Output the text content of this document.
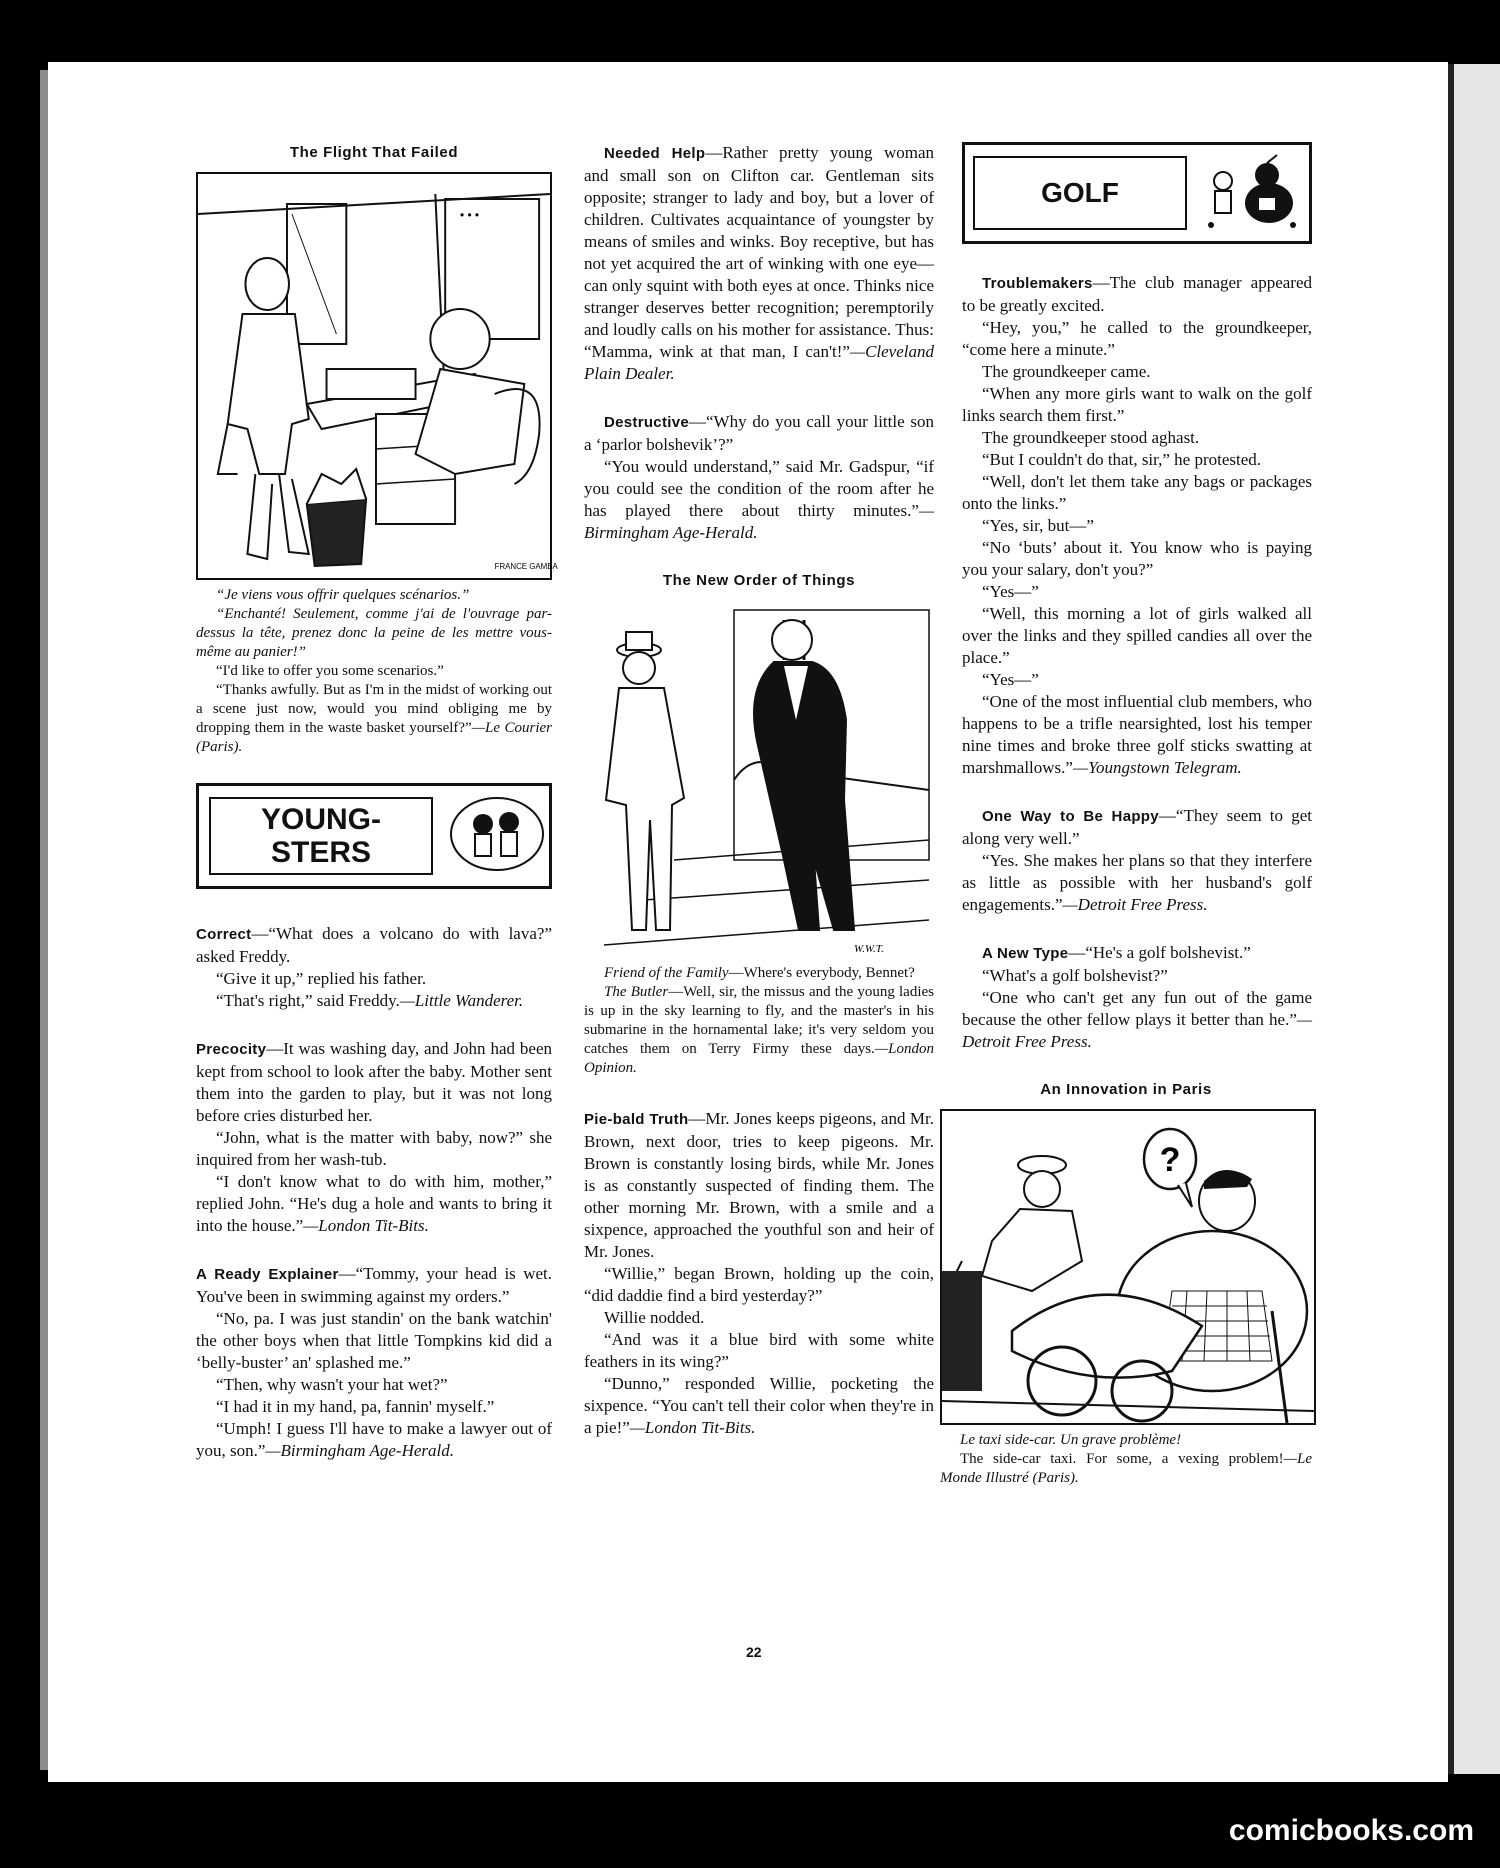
The Flight That Failed
• • •
FRANCE GAMBA

“Je viens vous offrir quelques scénarios.”

“Enchanté! Seulement, comme j'ai de l'ouvrage par-dessus la tête, prenez donc la peine de les mettre vous-même au panier!”

“I'd like to offer you some scenarios.”

“Thanks awfully. But as I'm in the midst of working out a scene just now, would you mind obliging me by dropping them in the waste basket yourself?”—Le Courier (Paris).

YOUNG-
STERS

Correct—“What does a volcano do with lava?” asked Freddy.

“Give it up,” replied his father.

“That's right,” said Freddy.—Little Wanderer.

Precocity—It was washing day, and John had been kept from school to look after the baby. Mother sent them into the garden to play, but it was not long before cries disturbed her.

“John, what is the matter with baby, now?” she inquired from her wash-tub.

“I don't know what to do with him, mother,” replied John. “He's dug a hole and wants to bring it into the house.”—London Tit-Bits.

A Ready Explainer—“Tommy, your head is wet. You've been in swimming against my orders.”

“No, pa. I was just standin' on the bank watchin' the other boys when that little Tompkins kid did a ‘belly-buster’ an' splashed me.”

“Then, why wasn't your hat wet?”

“I had it in my hand, pa, fannin' myself.”

“Umph! I guess I'll have to make a lawyer out of you, son.”—Birmingham Age-Herald.

Needed Help—Rather pretty young woman and small son on Clifton car. Gentleman sits opposite; stranger to lady and boy, but a lover of children. Cultivates acquaintance of youngster by means of smiles and winks. Boy receptive, but has not yet acquired the art of winking with one eye—can only squint with both eyes at once. Thinks nice stranger deserves better recognition; peremptorily and loudly calls on his mother for assistance. Thus: “Mamma, wink at that man, I can't!”—Cleveland Plain Dealer.

Destructive—“Why do you call your little son a ‘parlor bolshevik’?”

“You would understand,” said Mr. Gadspur, “if you could see the condition of the room after he has played there about thirty minutes.”—Birmingham Age-Herald.

The New Order of Things
W.W.T.

Friend of the Family—Where's everybody, Bennet?

The Butler—Well, sir, the missus and the young ladies is up in the sky learning to fly, and the master's in his submarine in the hornamental lake; it's very seldom you catches them on Terry Firmy these days.—London Opinion.

Pie-bald Truth—Mr. Jones keeps pigeons, and Mr. Brown, next door, tries to keep pigeons. Mr. Brown is constantly losing birds, while Mr. Jones is as constantly suspected of finding them. The other morning Mr. Brown, with a smile and a sixpence, approached the youthful son and heir of Mr. Jones.

“Willie,” began Brown, holding up the coin, “did daddie find a bird yesterday?”

Willie nodded.

“And was it a blue bird with some white feathers in its wing?”

“Dunno,” responded Willie, pocketing the sixpence. “You can't tell their color when they're in a pie!”—London Tit-Bits.

GOLF

Troublemakers—The club manager appeared to be greatly excited.

“Hey, you,” he called to the groundkeeper, “come here a minute.”

The groundkeeper came.

“When any more girls want to walk on the golf links search them first.”

The groundkeeper stood aghast.

“But I couldn't do that, sir,” he protested.

“Well, don't let them take any bags or packages onto the links.”

“Yes, sir, but—”

“No ‘buts’ about it. You know who is paying you your salary, don't you?”

“Yes—”

“Well, this morning a lot of girls walked all over the links and they spilled candies all over the place.”

“Yes—”

“One of the most influential club members, who happens to be a trifle nearsighted, lost his temper nine times and broke three golf sticks swatting at marshmallows.”—Youngstown Telegram.

One Way to Be Happy—“They seem to get along very well.”

“Yes. She makes her plans so that they interfere as little as possible with her husband's golf engagements.”—Detroit Free Press.

A New Type—“He's a golf bolshevist.”

“What's a golf bolshevist?”

“One who can't get any fun out of the game because the other fellow plays it better than he.”—Detroit Free Press.

An Innovation in Paris
?

Le taxi side-car. Un grave problème!

The side-car taxi. For some, a vexing problem!—Le Monde Illustré (Paris).

22
comicbooks.com
